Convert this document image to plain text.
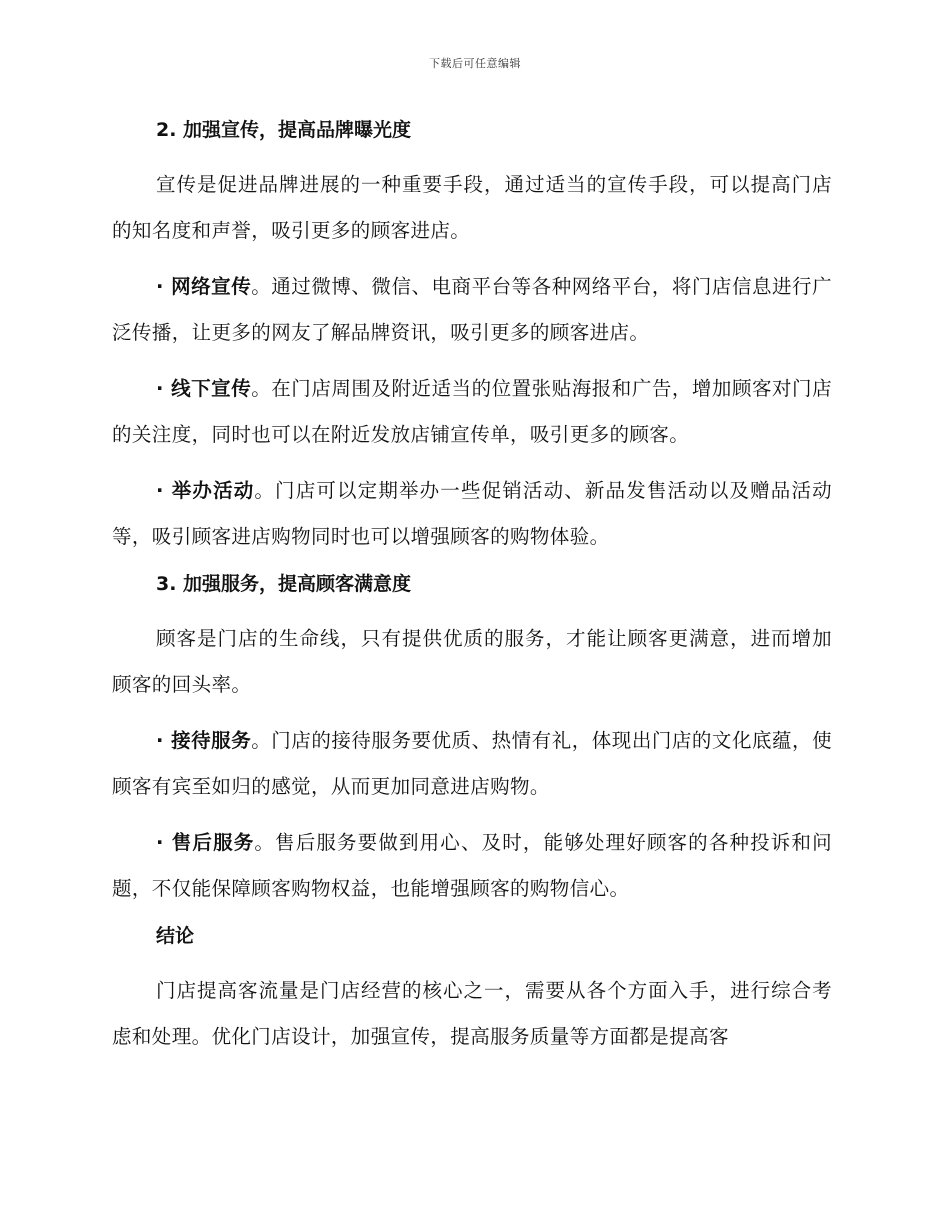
下载后可任意编辑
2. 加强宣传，提高品牌曝光度

宣传是促进品牌进展的一种重要手段，通过适当的宣传手段，可以提高门店的知名度和声誉，吸引更多的顾客进店。

· 网络宣传。通过微博、微信、电商平台等各种网络平台，将门店信息进行广泛传播，让更多的网友了解品牌资讯，吸引更多的顾客进店。

· 线下宣传。在门店周围及附近适当的位置张贴海报和广告，增加顾客对门店的关注度，同时也可以在附近发放店铺宣传单，吸引更多的顾客。

· 举办活动。门店可以定期举办一些促销活动、新品发售活动以及赠品活动等，吸引顾客进店购物同时也可以增强顾客的购物体验。

3. 加强服务，提高顾客满意度

顾客是门店的生命线，只有提供优质的服务，才能让顾客更满意，进而增加顾客的回头率。

· 接待服务。门店的接待服务要优质、热情有礼，体现出门店的文化底蕴，使顾客有宾至如归的感觉，从而更加同意进店购物。

· 售后服务。售后服务要做到用心、及时，能够处理好顾客的各种投诉和问题，不仅能保障顾客购物权益，也能增强顾客的购物信心。

结论

门店提高客流量是门店经营的核心之一，需要从各个方面入手，进行综合考虑和处理。优化门店设计，加强宣传，提高服务质量等方面都是提高客
